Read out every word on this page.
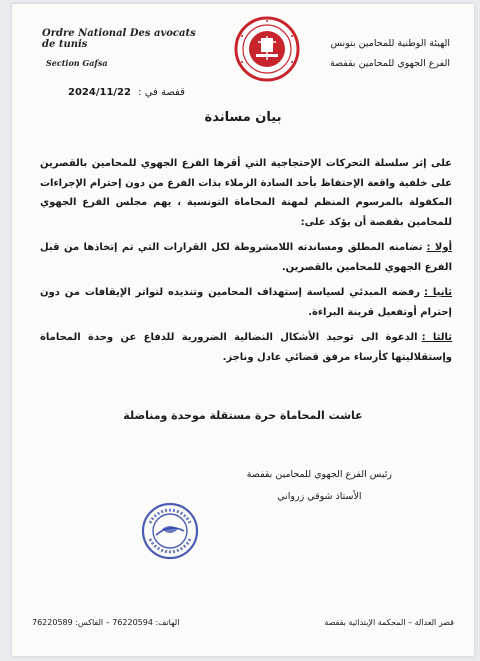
Ordre National Des avocats de tunis
Section Gafsa
الهيئة الوطنية للمحامين بتونس
الفرع الجهوي للمحامين بقفصة
قفصة في : 2024/11/22
بيان مساندة

على إثر سلسلة التحركات الإحتجاجية التي أقرها الفرع الجهوي للمحامين بالقصرين على خلفية واقعة الإحتفاظ بأحد السادة الزملاء بذات الفرع من دون إحترام الإجراءات المكفولة بالمرسوم المنظم لمهنة المحاماة التونسية ، يهم مجلس الفرع الجهوي للمحامين بقفصة أن يؤكد على:

أولا :تضامنه المطلق ومساندته اللامشروطة لكل القرارات التي تم إتخاذها من قبل الفرع الجهوي للمحامين بالقصرين.

ثانيا :رفضه المبدئي لسياسة إستهداف المحامين وتنديده لتواتر الإيقافات من دون إحترام أوتفعيل قرينة البراءة.

ثالثا :الدعوة الى توحيد الأشكال النضالية الضرورية للدفاع عن وحدة المحاماة وإستقلاليتها كأرساء مرفق قضائي عادل وناجز.

عاشت المحاماة حرة مستقلة موحدة ومناضلة
رئيس الفرع الجهوي للمحامين بقفصة
الأستاذ شوقي زرواني
قصر العدالة – المحكمة الإبتدائية بقفصة
الهاتف: 76220594 – الفاكس: 76220589
